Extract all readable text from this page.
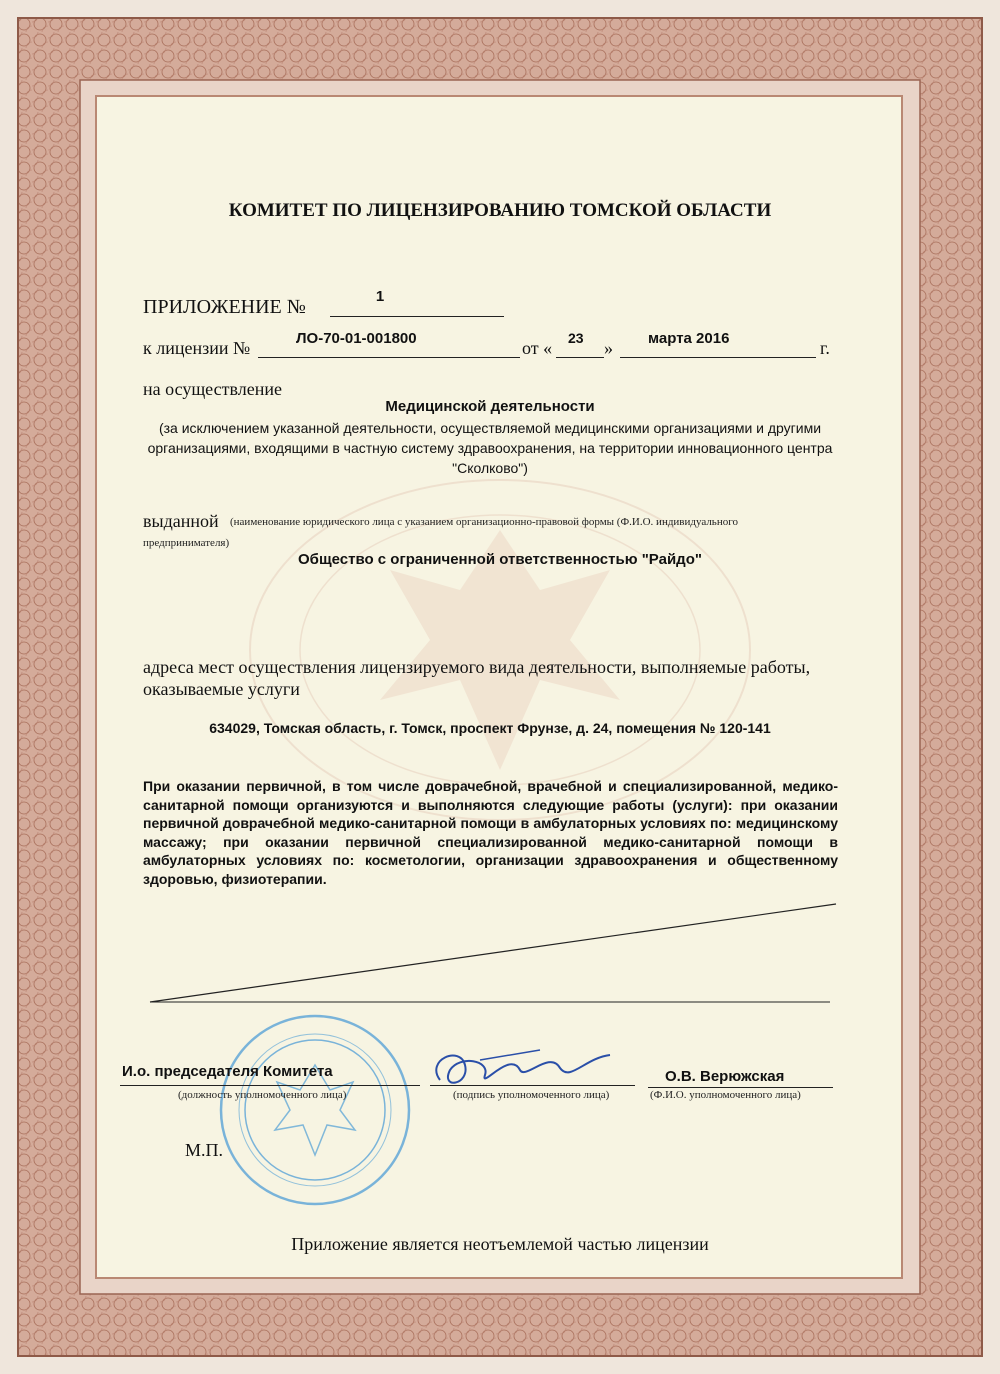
КОМИТЕТ ПО ЛИЦЕНЗИРОВАНИЮ ТОМСКОЙ ОБЛАСТИ
ПРИЛОЖЕНИЕ №	1
к лицензии №	ЛО-70-01-001800	от « 23 » марта 2016	г.
на осуществление
Медицинской деятельности
(за исключением указанной деятельности, осуществляемой медицинскими организациями и другими организациями, входящими в частную систему здравоохранения, на территории инновационного центра "Сколково")
выданной (наименование юридического лица с указанием организационно-правовой формы (Ф.И.О. индивидуального
предпринимателя)
Общество с ограниченной ответственностью "Райдо"
адреса мест осуществления лицензируемого вида деятельности, выполняемые работы, оказываемые услуги
634029, Томская область, г. Томск, проспект Фрунзе, д. 24, помещения № 120-141
При оказании первичной, в том числе доврачебной, врачебной и специализированной, медико-санитарной помощи организуются и выполняются следующие работы (услуги): при оказании первичной доврачебной медико-санитарной помощи в амбулаторных условиях по: медицинскому массажу; при оказании первичной специализированной медико-санитарной помощи в амбулаторных условиях по: косметологии, организации здравоохранения и общественному здоровью, физиотерапии.
И.о. председателя Комитета
(должность уполномоченного лица)	(подпись уполномоченного лица)
О.В. Верюжская
(Ф.И.О. уполномоченного лица)
М.П.
Приложение является неотъемлемой частью лицензии
